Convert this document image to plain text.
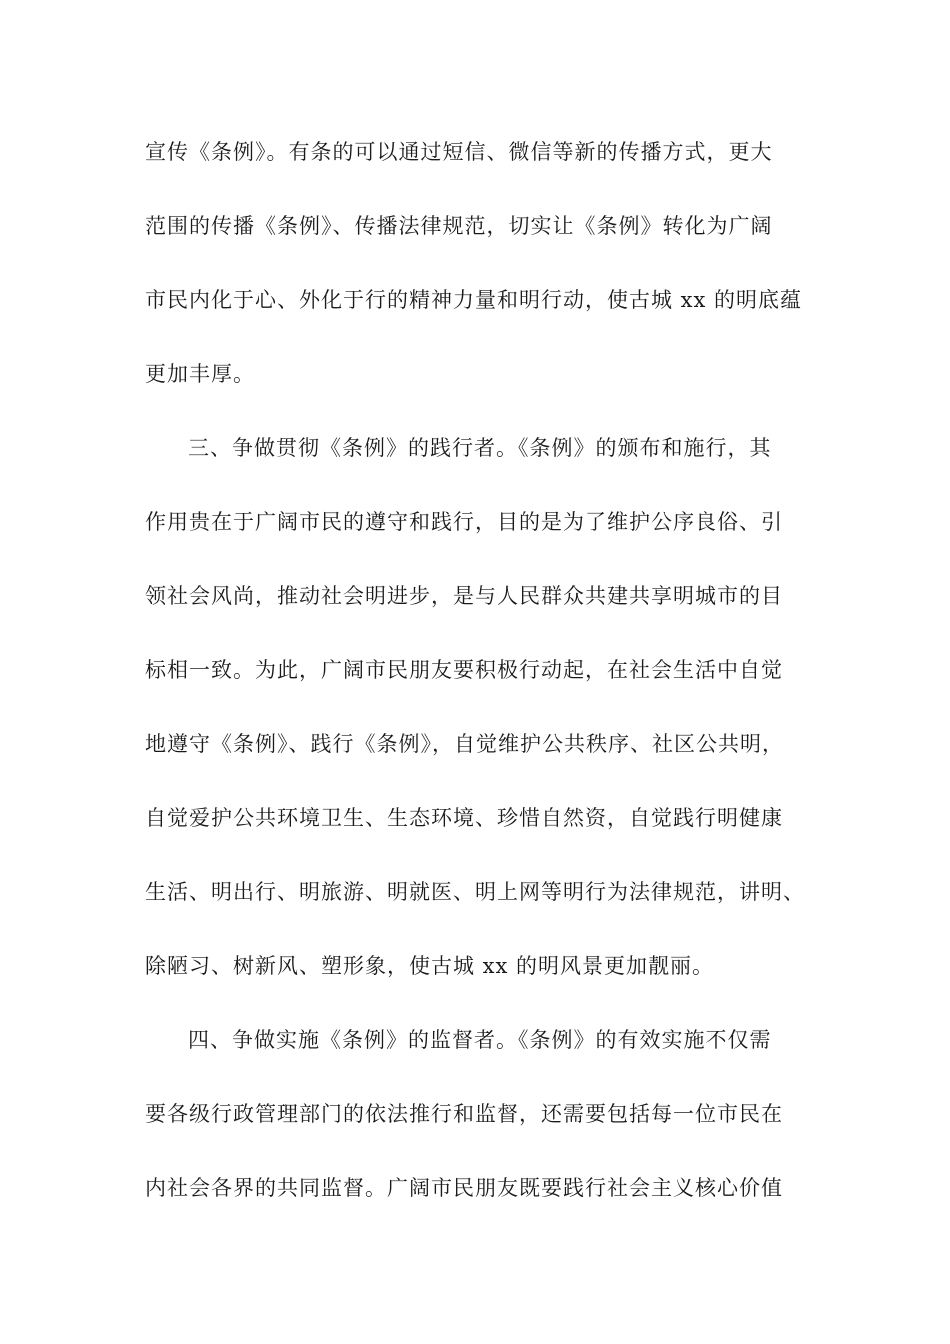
宣传《条例》。有条的可以通过短信、微信等新的传播方式，更大
范围的传播《条例》、传播法律规范，切实让《条例》转化为广阔
市民内化于心、外化于行的精神力量和明行动，使古城 xx 的明底蕴
更加丰厚。
三、争做贯彻《条例》的践行者。《条例》的颁布和施行，其
作用贵在于广阔市民的遵守和践行，目的是为了维护公序良俗、引
领社会风尚，推动社会明进步，是与人民群众共建共享明城市的目
标相一致。为此，广阔市民朋友要积极行动起，在社会生活中自觉
地遵守《条例》、践行《条例》，自觉维护公共秩序、社区公共明，
自觉爱护公共环境卫生、生态环境、珍惜自然资，自觉践行明健康
生活、明出行、明旅游、明就医、明上网等明行为法律规范，讲明、
除陋习、树新风、塑形象，使古城 xx 的明风景更加靓丽。
四、争做实施《条例》的监督者。《条例》的有效实施不仅需
要各级行政管理部门的依法推行和监督，还需要包括每一位市民在
内社会各界的共同监督。广阔市民朋友既要践行社会主义核心价值
